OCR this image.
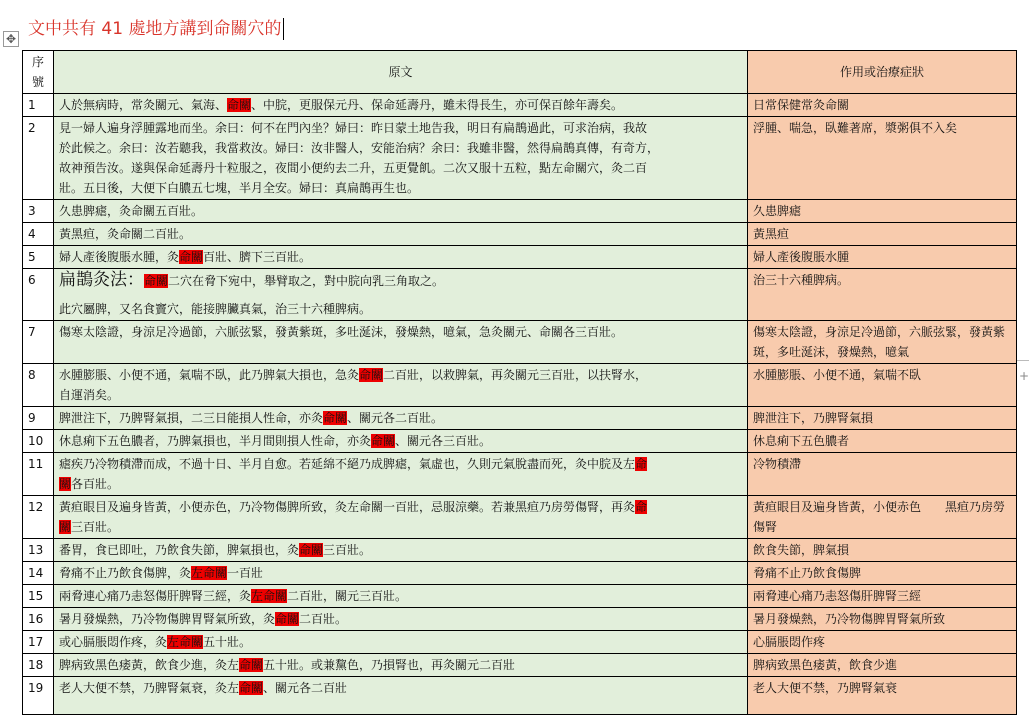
文中共有 41 處地方講到命關穴的
✥
+
序號	原文	作用或治療症狀
1	人於無病時，常灸關元、氣海、命關、中脘，更服保元丹、保命延壽丹，雖未得長生，亦可保百餘年壽矣。	日常保健常灸命關
2	見一婦人遍身浮腫露地而坐。余曰：何不在門內坐？婦曰：昨日蒙土地告我，明日有扁鵲過此，可求治病，我故
於此候之。余曰：汝若聽我，我當救汝。婦曰：汝非醫人，安能治病？余曰：我雖非醫，然得扁鵲真傳，有奇方，
故神預告汝。遂與保命延壽丹十粒服之，夜間小便約去二升，五更覺飢。二次又服十五粒，點左命關穴，灸二百
壯。五日後，大便下白膿五七塊，半月全安。婦曰：真扁鵲再生也。	浮腫、喘急，臥難著席，漿粥俱不入矣
3	久患脾瘧，灸命關五百壯。	久患脾瘧
4	黃黑疸，灸命關二百壯。	黃黑疸
5	婦人產後腹脹水腫，灸命關百壯、臍下三百壯。	婦人產後腹脹水腫
6	扁鵲灸法：命關二穴在脅下宛中，舉臂取之，對中脘向乳三角取之。
此穴屬脾，又名食竇穴，能接脾臟真氣，治三十六種脾病。	治三十六種脾病。
7	傷寒太陰證，身涼足冷過節，六脈弦緊，發黃紫斑，多吐涎沫，發燥熱，噫氣，急灸關元、命關各三百壯。	傷寒太陰證，身涼足冷過節，六脈弦緊，發黃紫斑，多吐涎沫，發燥熱，噫氣
8	水腫膨脹、小便不通，氣喘不臥，此乃脾氣大損也，急灸命關二百壯，以救脾氣，再灸關元三百壯，以扶腎水，
自運消矣。	水腫膨脹、小便不通，氣喘不臥
9	脾泄注下，乃脾腎氣損，二三日能損人性命，亦灸命關、關元各二百壯。	脾泄注下，乃脾腎氣損
10	休息痢下五色膿者，乃脾氣損也，半月間則損人性命，亦灸命關、關元各三百壯。	休息痢下五色膿者
11	瘧疾乃冷物積滯而成，不過十日、半月自愈。若延綿不絕乃成脾瘧，氣虛也，久則元氣脫盡而死，灸中脘及左命
關各百壯。	冷物積滯
12	黃疸眼目及遍身皆黃，小便赤色，乃冷物傷脾所致，灸左命關一百壯，忌服涼藥。若兼黑疸乃房勞傷腎，再灸命
關三百壯。	黃疸眼目及遍身皆黃，小便赤色　　黑疸乃房勞傷腎
13	番胃，食已即吐，乃飲食失節，脾氣損也，灸命關三百壯。	飲食失節，脾氣損
14	脅痛不止乃飲食傷脾，灸左命關一百壯	脅痛不止乃飲食傷脾
15	兩脅連心痛乃恚怒傷肝脾腎三經，灸左命關二百壯，關元三百壯。	兩脅連心痛乃恚怒傷肝脾腎三經
16	暑月發燥熱，乃冷物傷脾胃腎氣所致，灸命關二百壯。	暑月發燥熱，乃冷物傷脾胃腎氣所致
17	或心膈脹悶作疼，灸左命關五十壯。	心膈脹悶作疼
18	脾病致黑色痿黃，飲食少進，灸左命關五十壯。或兼黧色，乃損腎也，再灸關元二百壯	脾病致黑色痿黃，飲食少進
19	老人大便不禁，乃脾腎氣衰，灸左命關、關元各二百壯	老人大便不禁，乃脾腎氣衰
